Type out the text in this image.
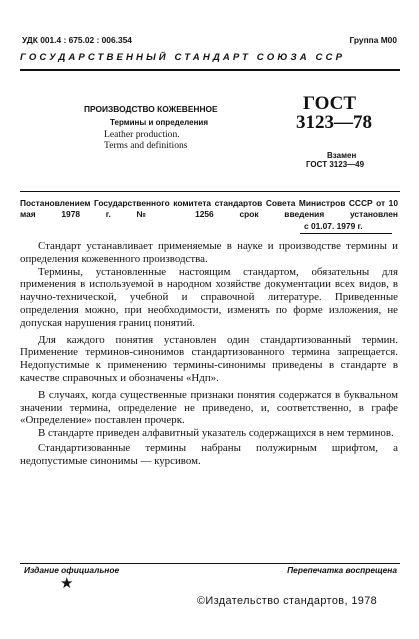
УДК 001.4 : 675.02 : 006.354	Группа М00
ГОСУДАРСТВЕННЫЙ СТАНДАРТ СОЮЗА ССР
ПРОИЗВОДСТВО КОЖЕВЕННОЕ
Термины и определения
Leather production.
Terms and definitions
ГОСТ
3123—78
Взамен
ГОСТ 3123—49
Постановлением Государственного комитета стандартов Совета Министров СССР от 10 мая 1978 г. № 1256 срок введения установлен
с 01.07. 1979 г.

Стандарт устанавливает применяемые в науке и производстве термины и определения кожевенного производства.

Термины, установленные настоящим стандартом, обязательны для применения в используемой в народном хозяйстве документации всех видов, в научно-технической, учебной и справочной литературе. Приведенные определения можно, при необходимости, изменять по форме изложения, не допуская нарушения границ понятий.

Для каждого понятия установлен один стандартизованный термин. Применение терминов-синонимов стандартизованного термина запрещается. Недопустимые к применению термины-синонимы приведены в стандарте в качестве справочных и обозначены «Ндп».

В случаях, когда существенные признаки понятия содержатся в буквальном значении термина, определение не приведено, и, соответственно, в графе «Определение» поставлен прочерк.

В стандарте приведен алфавитный указатель содержащихся в нем терминов.

Стандартизованные термины набраны полужирным шрифтом, а недопустимые синонимы — курсивом.

Издание официальное	Перепечатка воспрещена
★
©Издательство стандартов, 1978
